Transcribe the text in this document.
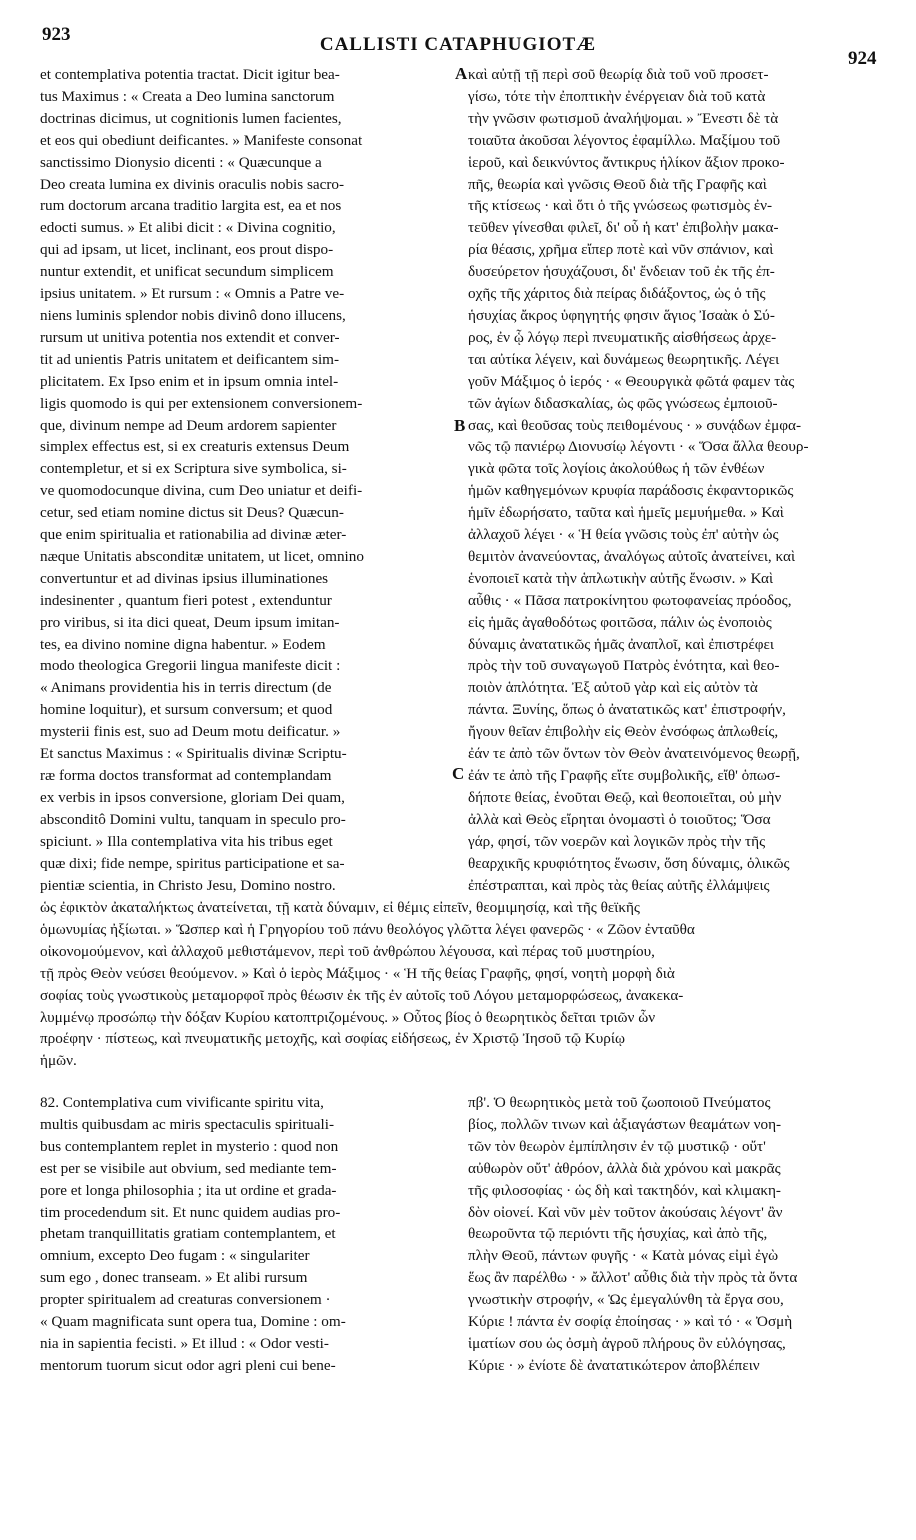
923	CALLISTI CATAPHUGIOTÆ
924
A
B
C
et contemplativa potentia tractat. Dicit igitur bea-
tus Maximus : « Creata a Deo lumina sanctorum
doctrinas dicimus, ut cognitionis lumen facientes,
et eos qui obediunt deificantes. » Manifeste consonat
sanctissimo Dionysio dicenti : « Quæcunque a
Deo creata lumina ex divinis oraculis nobis sacro-
rum doctorum arcana traditio largita est, ea et nos
edocti sumus. » Et alibi dicit : « Divina cognitio,
qui ad ipsam, ut licet, inclinant, eos prout dispo-
nuntur extendit, et unificat secundum simplicem
ipsius unitatem. » Et rursum : « Omnis a Patre ve-
niens luminis splendor nobis divinô dono illucens,
rursum ut unitiva potentia nos extendit et conver-
tit ad unientis Patris unitatem et deificantem sim-
plicitatem. Ex Ipso enim et in ipsum omnia intel-
ligis quomodo is qui per extensionem conversionem-
que, divinum nempe ad Deum ardorem sapienter
simplex effectus est, si ex creaturis extensus Deum
contempletur, et si ex Scriptura sive symbolica, si-
ve quomodocunque divina, cum Deo uniatur et deifi-
cetur, sed etiam nomine dictus sit Deus? Quæcun-
que enim spiritualia et rationabilia ad divinæ æter-
næque Unitatis absconditæ unitatem, ut licet, omnino
convertuntur et ad divinas ipsius illuminationes
indesinenter , quantum fieri potest , extenduntur
pro viribus, si ita dici queat, Deum ipsum imitan-
tes, ea divino nomine digna habentur. » Eodem
modo theologica Gregorii lingua manifeste dicit :
« Animans providentia his in terris directum (de
homine loquitur), et sursum conversum; et quod
mysterii finis est, suo ad Deum motu deificatur. »
Et sanctus Maximus : « Spiritualis divinæ Scriptu-
ræ forma doctos transformat ad contemplandam
ex verbis in ipsos conversione, gloriam Dei quam,
absconditô Domini vultu, tanquam in speculo pro-
spiciunt. » Illa contemplativa vita his tribus eget
quæ dixi; fide nempe, spiritus participatione et sa-
pientiæ scientia, in Christo Jesu, Domino nostro.
καὶ αὐτῇ τῇ περὶ σοῦ θεωρίᾳ διὰ τοῦ νοῦ προσετ-
γίσω, τότε τὴν ἐποπτικὴν ἐνέργειαν διὰ τοῦ κατὰ
τὴν γνῶσιν φωτισμοῦ ἀναλήψομαι. » Ἔνεστι δὲ τὰ
τοιαῦτα ἀκοῦσαι λέγοντος ἐφαμίλλω. Μαξίμου τοῦ
ἱεροῦ, καὶ δεικνύντος ἄντικρυς ἡλίκον ἄξιον προκο-
πῆς, θεωρία καὶ γνῶσις Θεοῦ διὰ τῆς Γραφῆς καὶ
τῆς κτίσεως · καὶ ὅτι ὁ τῆς γνώσεως φωτισμὸς ἐν-
τεῦθεν γίνεσθαι φιλεῖ, δι' οὗ ἡ κατ' ἐπιβολὴν μακα-
ρία θέασις, χρῆμα εἴπερ ποτὲ καὶ νῦν σπάνιον, καὶ
δυσεύρετον ἡσυχάζουσι, δι' ἔνδειαν τοῦ ἐκ τῆς ἐπ-
οχῆς τῆς χάριτος διὰ πείρας διδάξοντος, ὡς ὁ τῆς
ἡσυχίας ἄκρος ὑφηγητής φησιν ἅγιος Ἰσαὰκ ὁ Σύ-
ρος, ἐν ᾧ λόγῳ περὶ πνευματικῆς αἰσθήσεως ἀρχε-
ται αὐτίκα λέγειν, καὶ δυνάμεως θεωρητικῆς. Λέγει
γοῦν Μάξιμος ὁ ἱερός · « Θεουργικὰ φῶτά φαμεν τὰς
τῶν ἁγίων διδασκαλίας, ὡς φῶς γνώσεως ἐμποιοῦ-
σας, καὶ θεοῦσας τοὺς πειθομένους · » συνᾴδων ἐμφα-
νῶς τῷ πανιέρῳ Διονυσίῳ λέγοντι · « Ὅσα ἄλλα θεουρ-
γικὰ φῶτα τοῖς λογίοις ἀκολούθως ἡ τῶν ἐνθέων
ἡμῶν καθηγεμόνων κρυφία παράδοσις ἐκφαντορικῶς
ἡμῖν ἐδωρήσατο, ταῦτα καὶ ἡμεῖς μεμυήμεθα. » Καὶ
ἀλλαχοῦ λέγει · « Ἡ θεία γνῶσις τοὺς ἐπ' αὐτὴν ὡς
θεμιτὸν ἀνανεύοντας, ἀναλόγως αὐτοῖς ἀνατείνει, καὶ
ἑνοποιεῖ κατὰ τὴν ἁπλωτικὴν αὐτῆς ἕνωσιν. » Καὶ
αὖθις · « Πᾶσα πατροκίνητου φωτοφανείας πρόοδος,
εἰς ἡμᾶς ἀγαθοδότως φοιτῶσα, πάλιν ὡς ἑνοποιὸς
δύναμις ἀνατατικῶς ἡμᾶς ἀναπλοῖ, καὶ ἐπιστρέφει
πρὸς τὴν τοῦ συναγωγοῦ Πατρὸς ἑνότητα, καὶ θεο-
ποιὸν ἁπλότητα. Ἐξ αὐτοῦ γὰρ καὶ εἰς αὐτὸν τὰ
πάντα. Ξυνίης, ὅπως ὁ ἀνατατικῶς κατ' ἐπιστροφήν,
ἤγουν θεῖαν ἐπιβολὴν εἰς Θεὸν ἐνσόφως ἁπλωθείς,
ἐάν τε ἀπὸ τῶν ὄντων τὸν Θεὸν ἀνατεινόμενος θεωρῇ,
ἐάν τε ἀπὸ τῆς Γραφῆς εἴτε συμβολικῆς, εἴθ' ὁπωσ-
δήποτε θείας, ἑνοῦται Θεῷ, καὶ θεοποιεῖται, οὐ μὴν
ἀλλὰ καὶ Θεὸς εἴρηται ὀνομαστὶ ὁ τοιοῦτος; Ὅσα
γάρ, φησί, τῶν νοερῶν καὶ λογικῶν πρὸς τὴν τῆς
θεαρχικῆς κρυφιότητος ἕνωσιν, ὅση δύναμις, ὁλικῶς
ἐπέστραπται, καὶ πρὸς τὰς θείας αὐτῆς ἐλλάμψεις
ὡς ἐφικτὸν ἀκαταλήκτως ἀνατείνεται, τῇ κατὰ δύναμιν, εἰ θέμις εἰπεῖν, θεομιμησίᾳ, καὶ τῆς θεϊκῆς
ὁμωνυμίας ἠξίωται. » Ὥσπερ καὶ ἡ Γρηγορίου τοῦ πάνυ θεολόγος γλῶττα λέγει φανερῶς · « Ζῶον ἐνταῦθα
οἰκονομούμενον, καὶ ἀλλαχοῦ μεθιστάμενον, περὶ τοῦ ἀνθρώπου λέγουσα, καὶ πέρας τοῦ μυστηρίου,
τῇ πρὸς Θεὸν νεύσει θεούμενον. » Καὶ ὁ ἱερὸς Μάξιμος · « Ἡ τῆς θείας Γραφῆς, φησί, νοητὴ μορφὴ διὰ
σοφίας τοὺς γνωστικοὺς μεταμορφοῖ πρὸς θέωσιν ἐκ τῆς ἐν αὐτοῖς τοῦ Λόγου μεταμορφώσεως, ἀνακεκα-
λυμμένῳ προσώπῳ τὴν δόξαν Κυρίου κατοπτριζομένους. » Οὗτος βίος ὁ θεωρητικὸς δεῖται τριῶν ὧν
προέφην · πίστεως, καὶ πνευματικῆς μετοχῆς, καὶ σοφίας εἰδήσεως, ἐν Χριστῷ Ἰησοῦ τῷ Κυρίῳ
ἡμῶν.
82. Contemplativa cum vivificante spiritu vita,
multis quibusdam ac miris spectaculis spirituali-
bus contemplantem replet in mysterio : quod non
est per se visibile aut obvium, sed mediante tem-
pore et longa philosophia ; ita ut ordine et grada-
tim procedendum sit. Et nunc quidem audias pro-
phetam tranquillitatis gratiam contemplantem, et
omnium, excepto Deo fugam : « singulariter
sum ego , donec transeam. » Et alibi rursum
propter spiritualem ad creaturas conversionem ·
« Quam magnificata sunt opera tua, Domine : om-
nia in sapientia fecisti. » Et illud : « Odor vesti-
mentorum tuorum sicut odor agri pleni cui bene-
πβ'. Ὁ θεωρητικὸς μετὰ τοῦ ζωοποιοῦ Πνεύματος
βίος, πολλῶν τινων καὶ ἀξιαγάστων θεαμάτων νοη-
τῶν τὸν θεωρὸν ἐμπίπλησιν ἐν τῷ μυστικῷ · οὔτ'
αὐθωρὸν οὔτ' ἀθρόον, ἀλλὰ διὰ χρόνου καὶ μακρᾶς
τῆς φιλοσοφίας · ὡς δὴ καὶ τακτηδόν, καὶ κλιμακη-
δὸν οἰονεί. Καὶ νῦν μὲν τοῦτον ἀκούσαις λέγοντ' ἂν
θεωροῦντα τῷ περιόντι τῆς ἡσυχίας, καὶ ἀπὸ τῆς,
πλὴν Θεοῦ, πάντων φυγῆς · « Κατὰ μόνας εἰμὶ ἐγὼ
ἕως ἂν παρέλθω · » ἄλλοτ' αὖθις διὰ τὴν πρὸς τὰ ὄντα
γνωστικὴν στροφήν, « Ὡς ἐμεγαλύνθη τὰ ἔργα σου,
Κύριε ! πάντα ἐν σοφίᾳ ἐποίησας · » καὶ τό · « Ὀσμὴ
ἱματίων σου ὡς ὀσμὴ ἀγροῦ πλήρους ὃν εὐλόγησας,
Κύριε · » ἐνίοτε δὲ ἀνατατικώτερον ἀποβλέπειν
